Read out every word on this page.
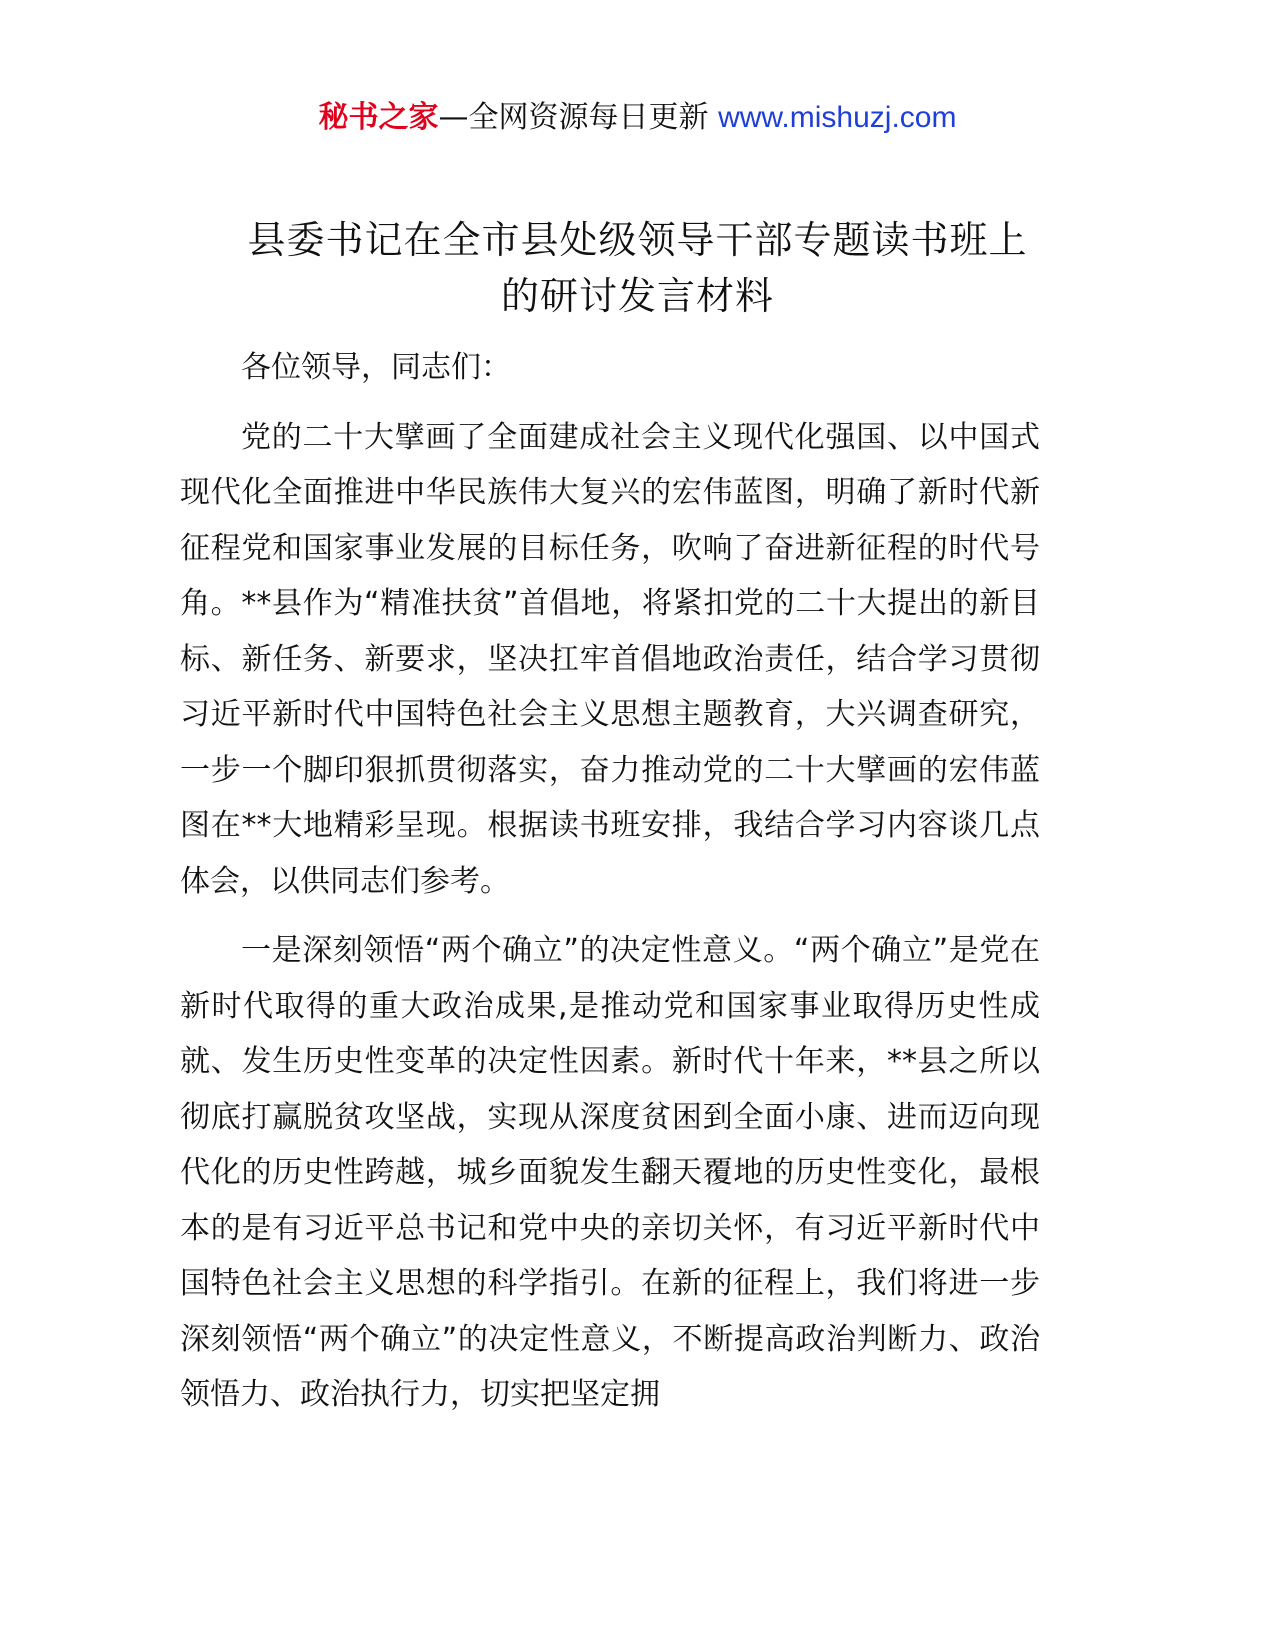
秘书之家—全网资源每日更新 www.mishuzj.com
县委书记在全市县处级领导干部专题读书班上
的研讨发言材料

各位领导，同志们：

党的二十大擘画了全面建成社会主义现代化强国、以中国式现代化全面推进中华民族伟大复兴的宏伟蓝图，明确了新时代新征程党和国家事业发展的目标任务，吹响了奋进新征程的时代号角。**县作为“精准扶贫”首倡地，将紧扣党的二十大提出的新目标、新任务、新要求，坚决扛牢首倡地政治责任，结合学习贯彻习近平新时代中国特色社会主义思想主题教育，大兴调查研究，一步一个脚印狠抓贯彻落实，奋力推动党的二十大擘画的宏伟蓝图在**大地精彩呈现。根据读书班安排，我结合学习内容谈几点体会，以供同志们参考。

一是深刻领悟“两个确立”的决定性意义。“两个确立”是党在新时代取得的重大政治成果,是推动党和国家事业取得历史性成就、发生历史性变革的决定性因素。新时代十年来，**县之所以彻底打赢脱贫攻坚战，实现从深度贫困到全面小康、进而迈向现代化的历史性跨越，城乡面貌发生翻天覆地的历史性变化，最根本的是有习近平总书记和党中央的亲切关怀，有习近平新时代中国特色社会主义思想的科学指引。在新的征程上，我们将进一步深刻领悟“两个确立”的决定性意义，不断提高政治判断力、政治领悟力、政治执行力，切实把坚定拥
